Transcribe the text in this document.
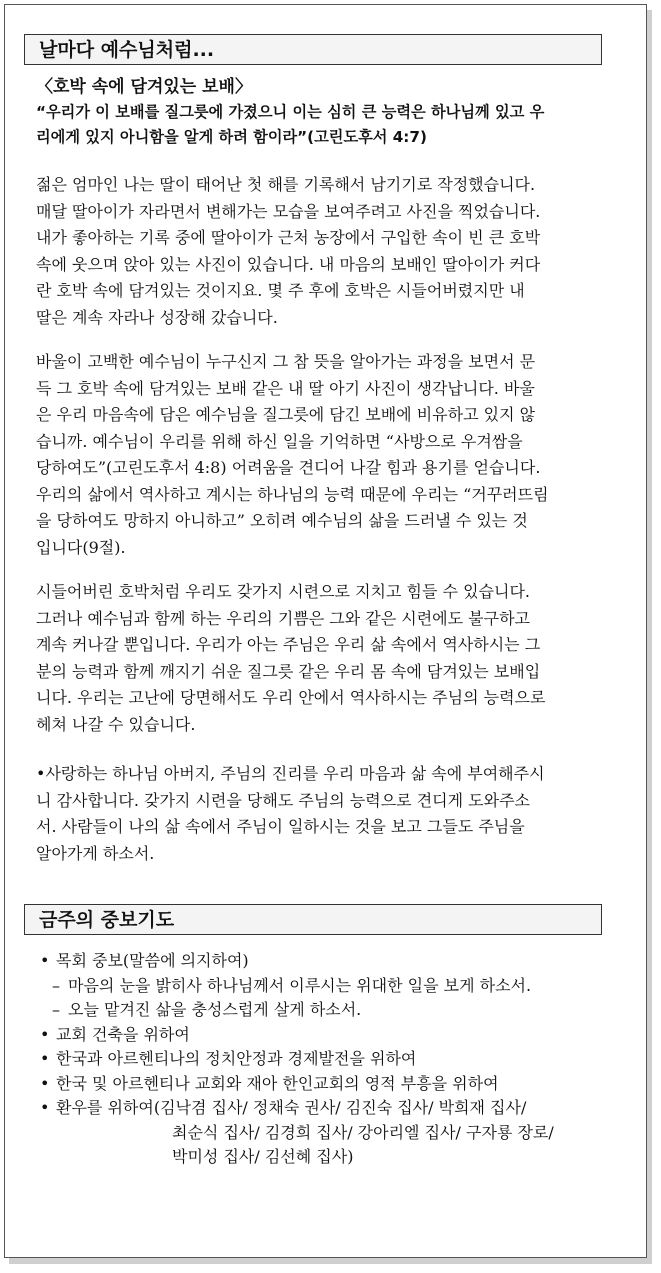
날마다 예수님처럼...
〈호박 속에 담겨있는 보배〉
“우리가 이 보배를 질그릇에 가졌으니 이는 심히 큰 능력은 하나님께 있고 우
리에게 있지 아니함을 알게 하려 함이라”(고린도후서 4:7)
젊은 엄마인 나는 딸이 태어난 첫 해를 기록해서 남기기로 작정했습니다.
매달 딸아이가 자라면서 변해가는 모습을 보여주려고 사진을 찍었습니다.
내가 좋아하는 기록 중에 딸아이가 근처 농장에서 구입한 속이 빈 큰 호박
속에 웃으며 앉아 있는 사진이 있습니다. 내 마음의 보배인 딸아이가 커다
란 호박 속에 담겨있는 것이지요. 몇 주 후에 호박은 시들어버렸지만 내
딸은 계속 자라나 성장해 갔습니다.
바울이 고백한 예수님이 누구신지 그 참 뜻을 알아가는 과정을 보면서 문
득 그 호박 속에 담겨있는 보배 같은 내 딸 아기 사진이 생각납니다. 바울
은 우리 마음속에 담은 예수님을 질그릇에 담긴 보배에 비유하고 있지 않
습니까. 예수님이 우리를 위해 하신 일을 기억하면 “사방으로 우겨쌈을
당하여도”(고린도후서 4:8) 어려움을 견디어 나갈 힘과 용기를 얻습니다.
우리의 삶에서 역사하고 계시는 하나님의 능력 때문에 우리는 “거꾸러뜨림
을 당하여도 망하지 아니하고” 오히려 예수님의 삶을 드러낼 수 있는 것
입니다(9절).
시들어버린 호박처럼 우리도 갖가지 시련으로 지치고 힘들 수 있습니다.
그러나 예수님과 함께 하는 우리의 기쁨은 그와 같은 시련에도 불구하고
계속 커나갈 뿐입니다. 우리가 아는 주님은 우리 삶 속에서 역사하시는 그
분의 능력과 함께 깨지기 쉬운 질그릇 같은 우리 몸 속에 담겨있는 보배입
니다. 우리는 고난에 당면해서도 우리 안에서 역사하시는 주님의 능력으로
헤쳐 나갈 수 있습니다.
•사랑하는 하나님 아버지, 주님의 진리를 우리 마음과 삶 속에 부여해주시
니 감사합니다. 갖가지 시련을 당해도 주님의 능력으로 견디게 도와주소
서. 사람들이 나의 삶 속에서 주님이 일하시는 것을 보고 그들도 주님을
알아가게 하소서.
금주의 중보기도
• 목회 중보(말씀에 의지하여)
– 마음의 눈을 밝히사 하나님께서 이루시는 위대한 일을 보게 하소서.
– 오늘 맡겨진 삶을 충성스럽게 살게 하소서.
• 교회 건축을 위하여
• 한국과 아르헨티나의 정치안정과 경제발전을 위하여
• 한국 및 아르헨티나 교회와 재아 한인교회의 영적 부흥을 위하여
• 환우를 위하여(김낙겸 집사/ 정채숙 권사/ 김진숙 집사/ 박희재 집사/
최순식 집사/ 김경희 집사/ 강아리엘 집사/ 구자룡 장로/
박미성 집사/ 김선혜 집사)
